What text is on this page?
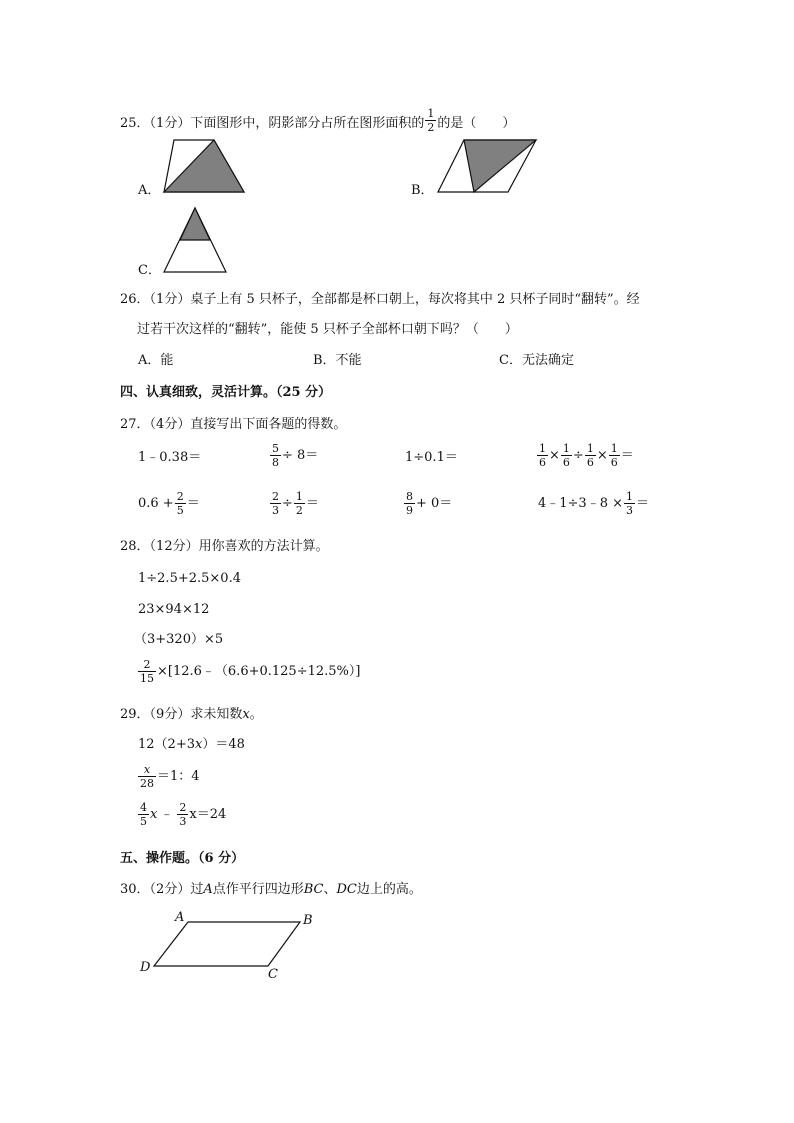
25．（1分）下面图形中，阴影部分占所在图形面积的 $\frac{1}{2}$ 的是（　　）
A．	B．
C．
26．（1分）桌子上有 5 只杯子，全部都是杯口朝上，每次将其中 2 只杯子同时“翻转”。经
过若干次这样的“翻转”，能使 5 只杯子全部杯口朝下吗？（　　）
A．能	B．不能	C．无法确定
四、认真细致，灵活计算。（25 分）
27．（4分）直接写出下面各题的得数。
1﹣0.38＝	$\frac{5}{8} \div 8=$	1÷0.1＝	$\frac{1}{6} \times \frac{1}{6} \div \frac{1}{6} \times \frac{1}{6}$ ＝
$0.6 + \frac{2}{5}$ ＝	$\frac{2}{3} \div \frac{1}{2}$ ＝	$\frac{8}{9} + 0=$	4﹣1÷3﹣8 × $\frac{1}{3}$ ＝
28．（12分）用你喜欢的方法计算。
1÷2.5+2.5×0.4
23×94×12
（3+320）×5
$\frac{2}{15}$ ×[12.6﹣（6.6+0.125÷12.5%）]
29．（9分）求未知数x。
12（2+3x）＝48
$\frac{x}{28} =1$：4
$\frac{4}{5}$ x ﹣ $\frac{2}{3} x=24$
五、操作题。（6 分）
30．（2分）过A点作平行四边形BC、DC边上的高。
A	B
C
D
